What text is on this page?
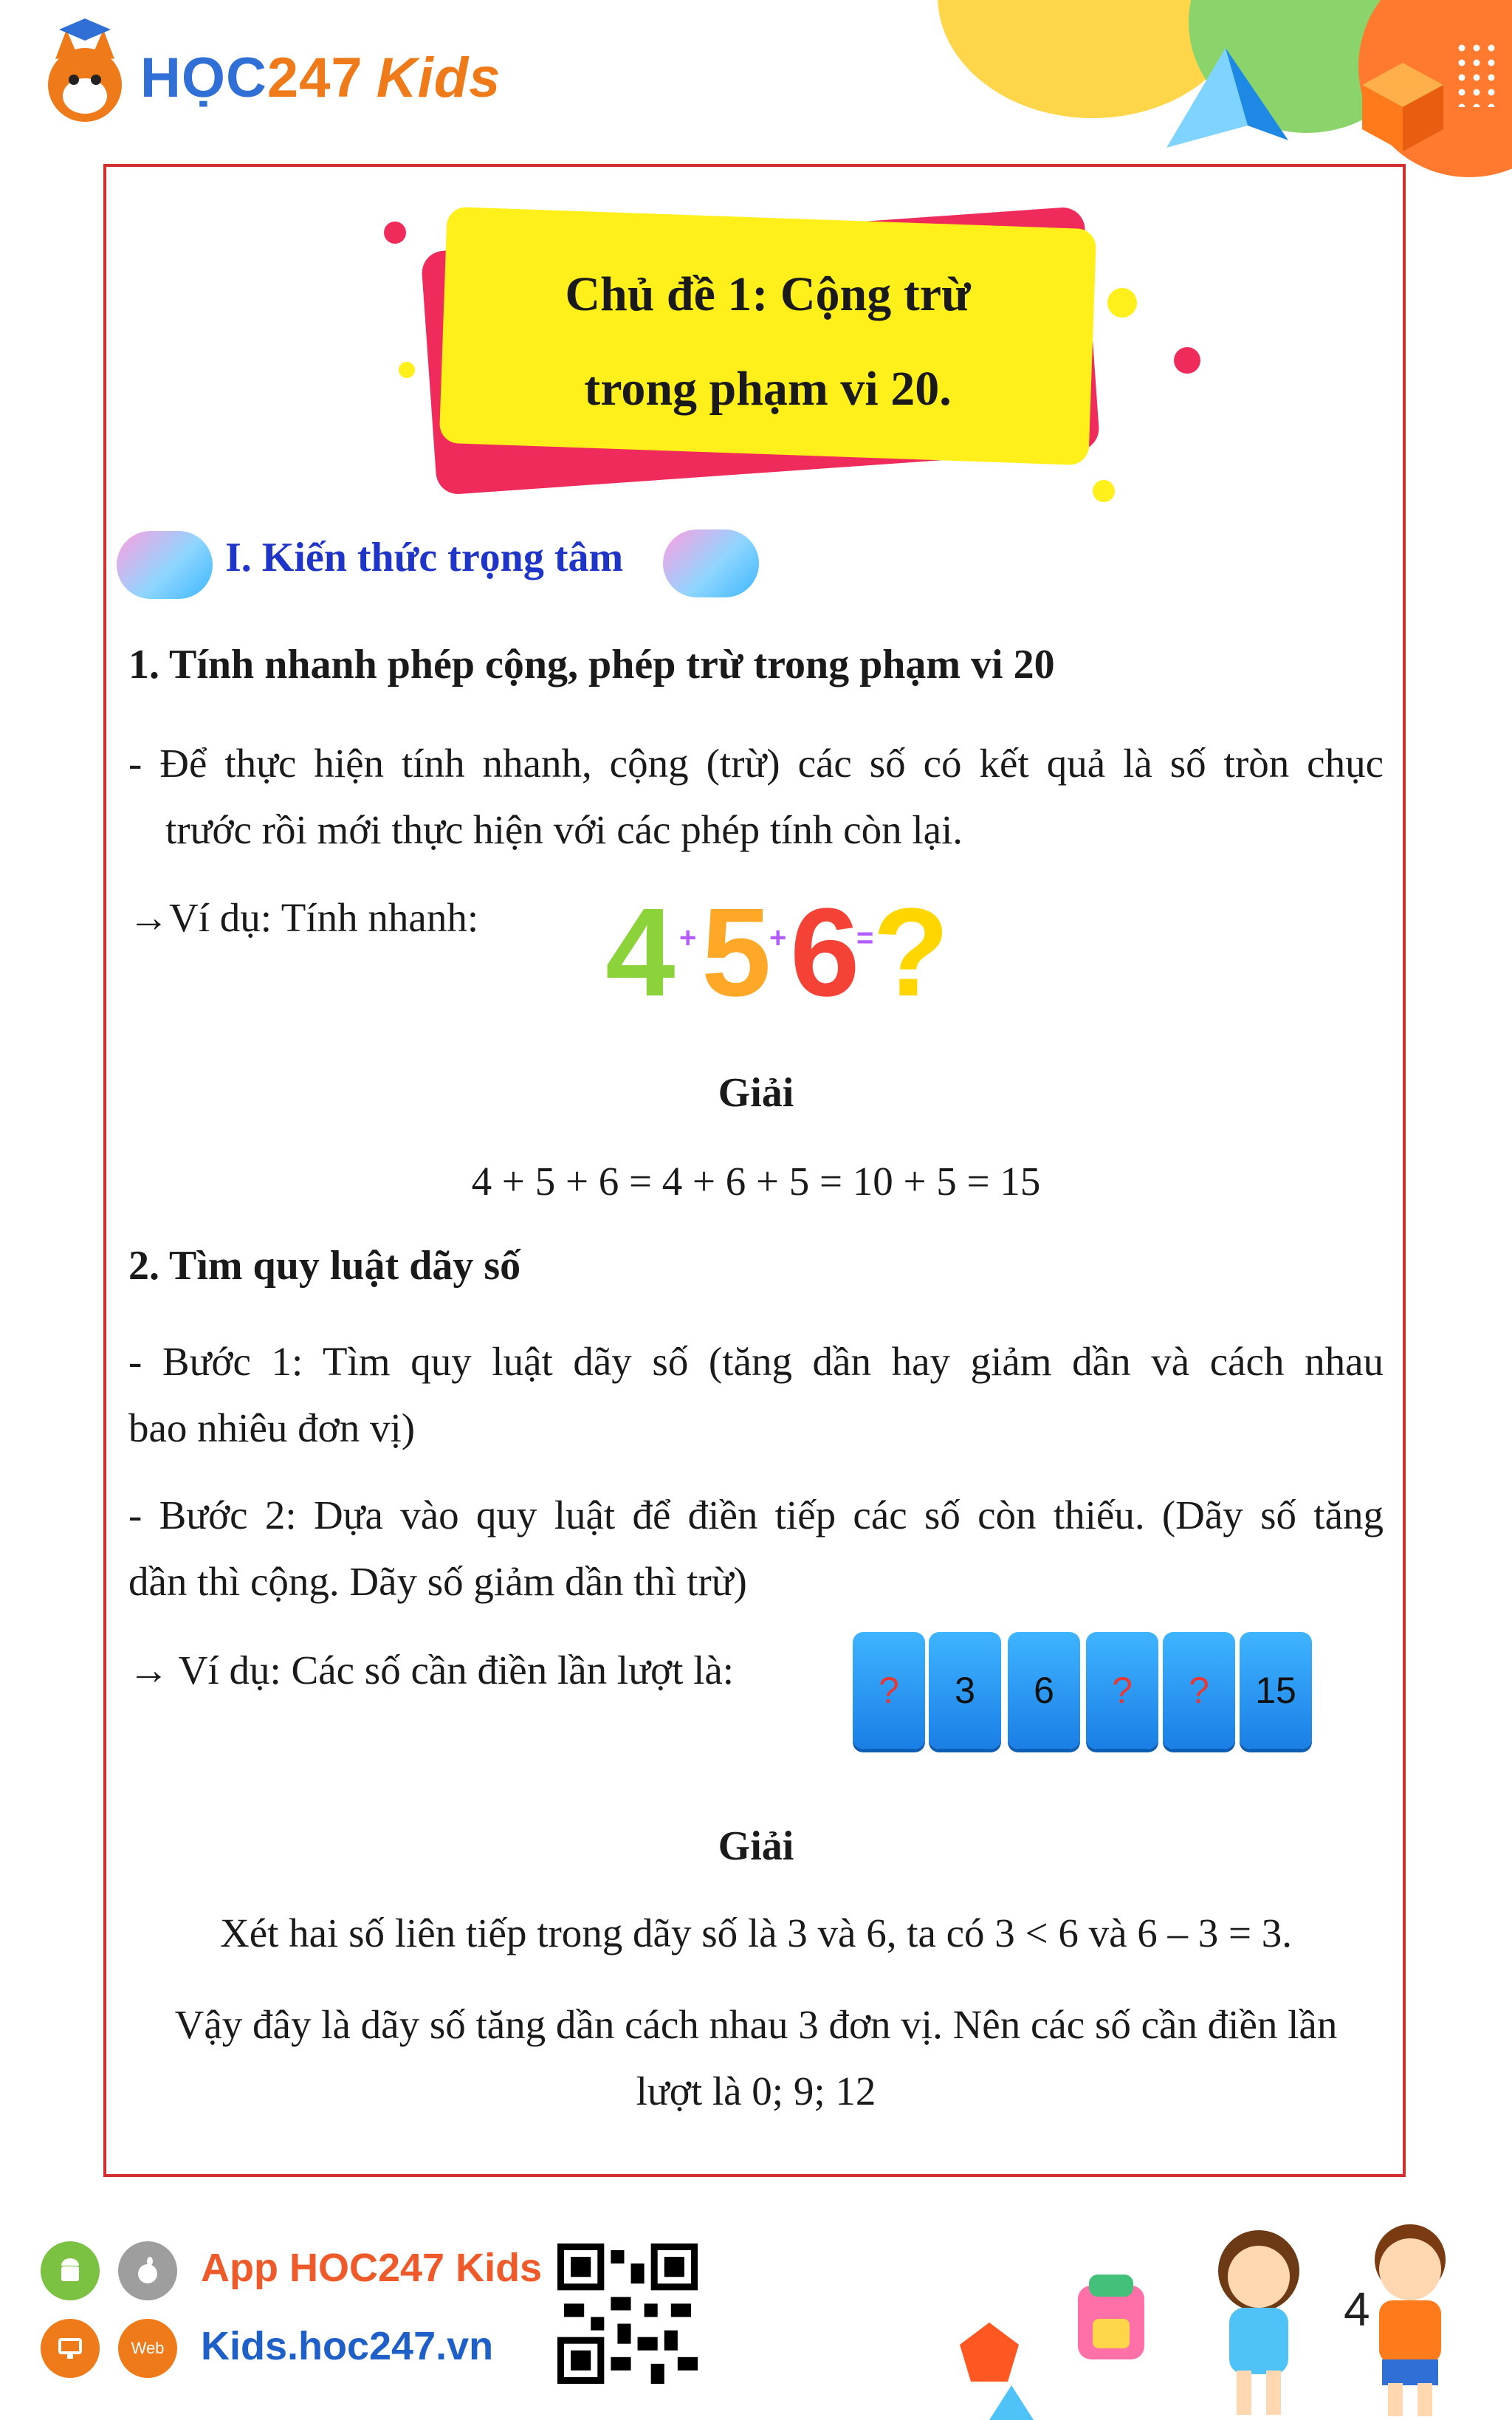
HỌC247 Kids
Chủ đề 1: Cộng trừ
trong phạm vi 20.
I. Kiến thức trọng tâm
1. Tính nhanh phép cộng, phép trừ trong phạm vi 20
- Để thực hiện tính nhanh, cộng (trừ) các số có kết quả là số tròn chục
trước rồi mới thực hiện với các phép tính còn lại.
→Ví dụ: Tính nhanh: 4 + 5
+ 6
=
?
Giải
4 + 5 + 6 = 4 + 6 + 5 = 10 + 5 = 15
2. Tìm quy luật dãy số
- Bước 1: Tìm quy luật dãy số (tăng dần hay giảm dần và cách nhau
bao nhiêu đơn vị)
- Bước 2: Dựa vào quy luật để điền tiếp các số còn thiếu. (Dãy số tăng
dần thì cộng. Dãy số giảm dần thì trừ)
→ Ví dụ: Các số cần điền lần lượt là:	?	3	6	?	?	15
Giải
Xét hai số liên tiếp trong dãy số là 3 và 6, ta có 3 < 6 và 6 – 3 = 3.
Vậy đây là dãy số tăng dần cách nhau 3 đơn vị. Nên các số cần điền lần
lượt là 0; 9; 12
App HOC247 Kids
Web Kids.hoc247.vn
4
